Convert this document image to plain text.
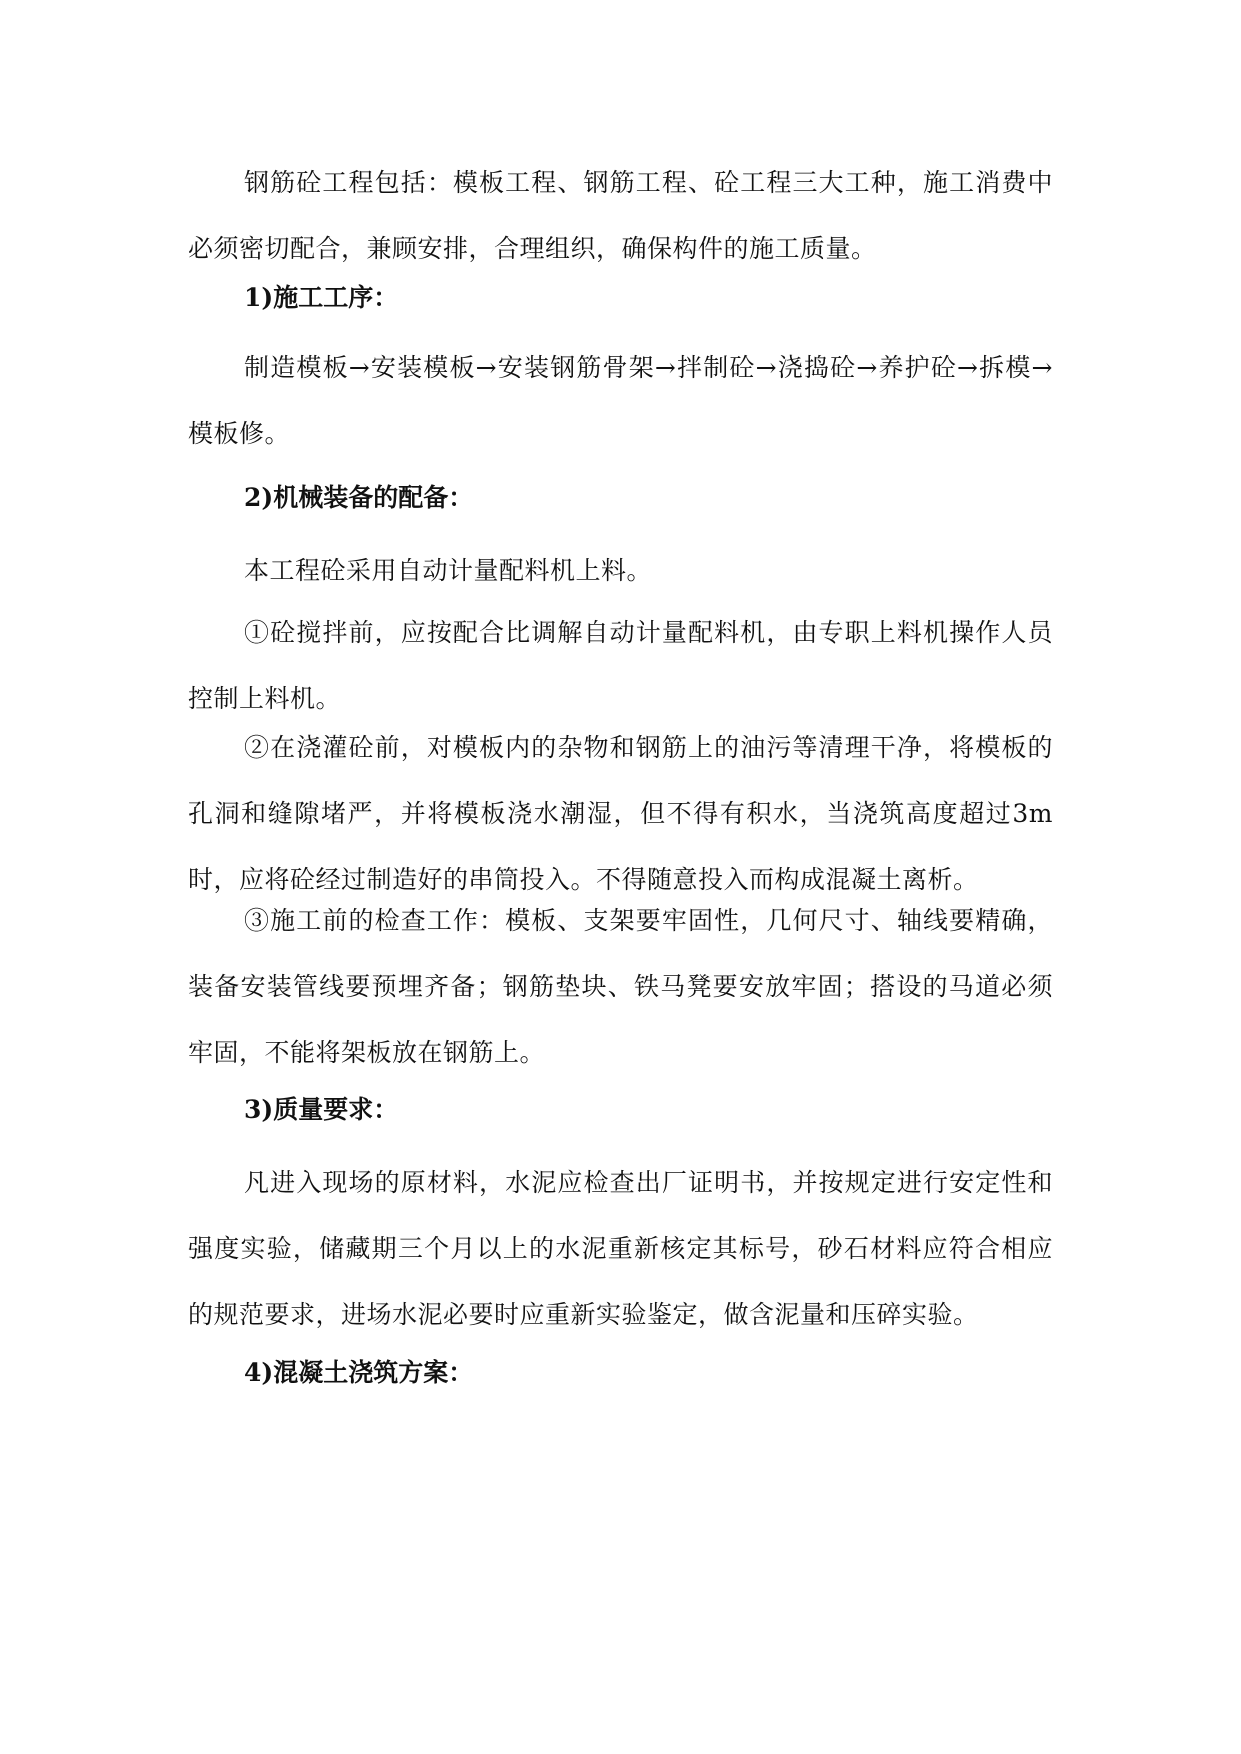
钢筋砼工程包括：模板工程、钢筋工程、砼工程三大工种，施工消费中必须密切配合，兼顾安排，合理组织，确保构件的施工质量。
1)施工工序：
制造模板→安装模板→安装钢筋骨架→拌制砼→浇捣砼→养护砼→拆模→模板修。
2)机械装备的配备：
本工程砼采用自动计量配料机上料。
①砼搅拌前，应按配合比调解自动计量配料机，由专职上料机操作人员控制上料机。
②在浇灌砼前，对模板内的杂物和钢筋上的油污等清理干净，将模板的孔洞和缝隙堵严，并将模板浇水潮湿，但不得有积水，当浇筑高度超过3m时，应将砼经过制造好的串筒投入。不得随意投入而构成混凝土离析。
③施工前的检查工作：模板、支架要牢固性，几何尺寸、轴线要精确，装备安装管线要预埋齐备；钢筋垫块、铁马凳要安放牢固；搭设的马道必须牢固，不能将架板放在钢筋上。
3)质量要求：
凡进入现场的原材料，水泥应检查出厂证明书，并按规定进行安定性和强度实验，储藏期三个月以上的水泥重新核定其标号，砂石材料应符合相应的规范要求，进场水泥必要时应重新实验鉴定，做含泥量和压碎实验。
4)混凝土浇筑方案：
